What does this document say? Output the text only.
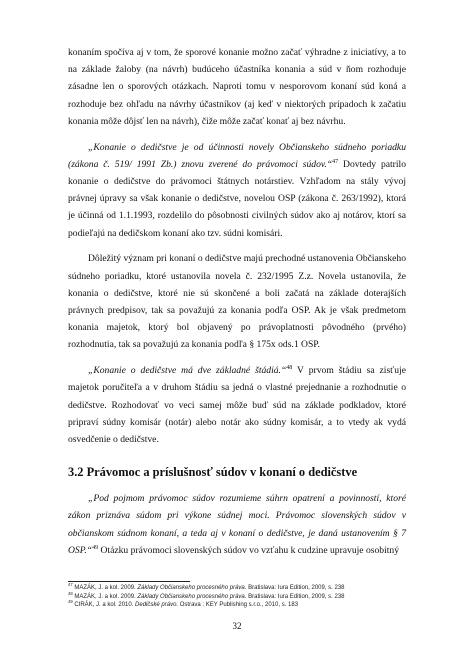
konaním spočíva aj v tom, že sporové konanie možno začať výhradne z iniciatívy, a to na základe žaloby (na návrh) budúceho účastníka konania a súd v ňom rozhoduje zásadne len o sporových otázkach. Naproti tomu v nesporovom konaní súd koná a rozhoduje bez ohľadu na návrhy účastníkov (aj keď v niektorých prípadoch k začatiu konania môže dôjsť len na návrh), čiže môže začať konať aj bez návrhu.

„Konanie o dedičstve je od účinnosti novely Občianskeho súdneho poriadku (zákona č. 519/ 1991 Zb.) znovu zverené do právomoci súdov.“$^{47}$ Dovtedy patrilo konanie o dedičstve do právomoci štátnych notárstiev. Vzhľadom na stály vývoj právnej úpravy sa však konanie o dedičstve, novelou OSP (zákona č. 263/1992), ktorá je účinná od 1.1.1993, rozdelilo do pôsobnosti civilných súdov ako aj notárov, ktorí sa podieľajú na dedičskom konaní ako tzv. súdni komisári.

Dôležitý význam pri konaní o dedičstve majú prechodné ustanovenia Občianskeho súdneho poriadku, ktoré ustanovila novela č. 232/1995 Z.z. Novela ustanovila, že konania o dedičstve, ktoré nie sú skončené a boli začatá na základe doterajších právnych predpisov, tak sa považujú za konania podľa OSP. Ak je však predmetom konania majetok, ktorý bol objavený po právoplatnosti pôvodného (prvého) rozhodnutia, tak sa považujú za konania podľa § 175x ods.1 OSP.

„Konanie o dedičstve má dve základné štádiá.“$^{48}$ V prvom štádiu sa zisťuje majetok poručiteľa a v druhom štádiu sa jedná o vlastné prejednanie a rozhodnutie o dedičstve. Rozhodovať vo veci samej môže buď súd na základe podkladov, ktoré pripraví súdny komisár (notár) alebo notár ako súdny komisár, a to vtedy ak vydá osvedčenie o dedičstve.

3.2 Právomoc a príslušnosť súdov v konaní o dedičstve

„Pod pojmom právomoc súdov rozumieme súhrn opatrení a povinností, ktoré zákon priznáva súdom pri výkone súdnej moci. Právomoc slovenských súdov v občianskom súdnom konaní, a teda aj v konaní o dedičstve, je daná ustanovením § 7 OSP.“$^{49}$ Otázku právomoci slovenských súdov vo vzťahu k cudzine upravuje osobitný

$^{47}$ MAZÁK, J. a kol. 2009. Základy Občianskeho procesného práva. Bratislava: Iura Edition, 2009, s. 238

$^{48}$ MAZÁK, J. a kol. 2009. Základy Občianskeho procesného práva. Bratislava: Iura Edition, 2009, s. 238

$^{49}$ CIRÁK, J. a kol. 2010. Dedičské právo. Ostrava : KEY Publishing s.r.o., 2010, s. 183

32
